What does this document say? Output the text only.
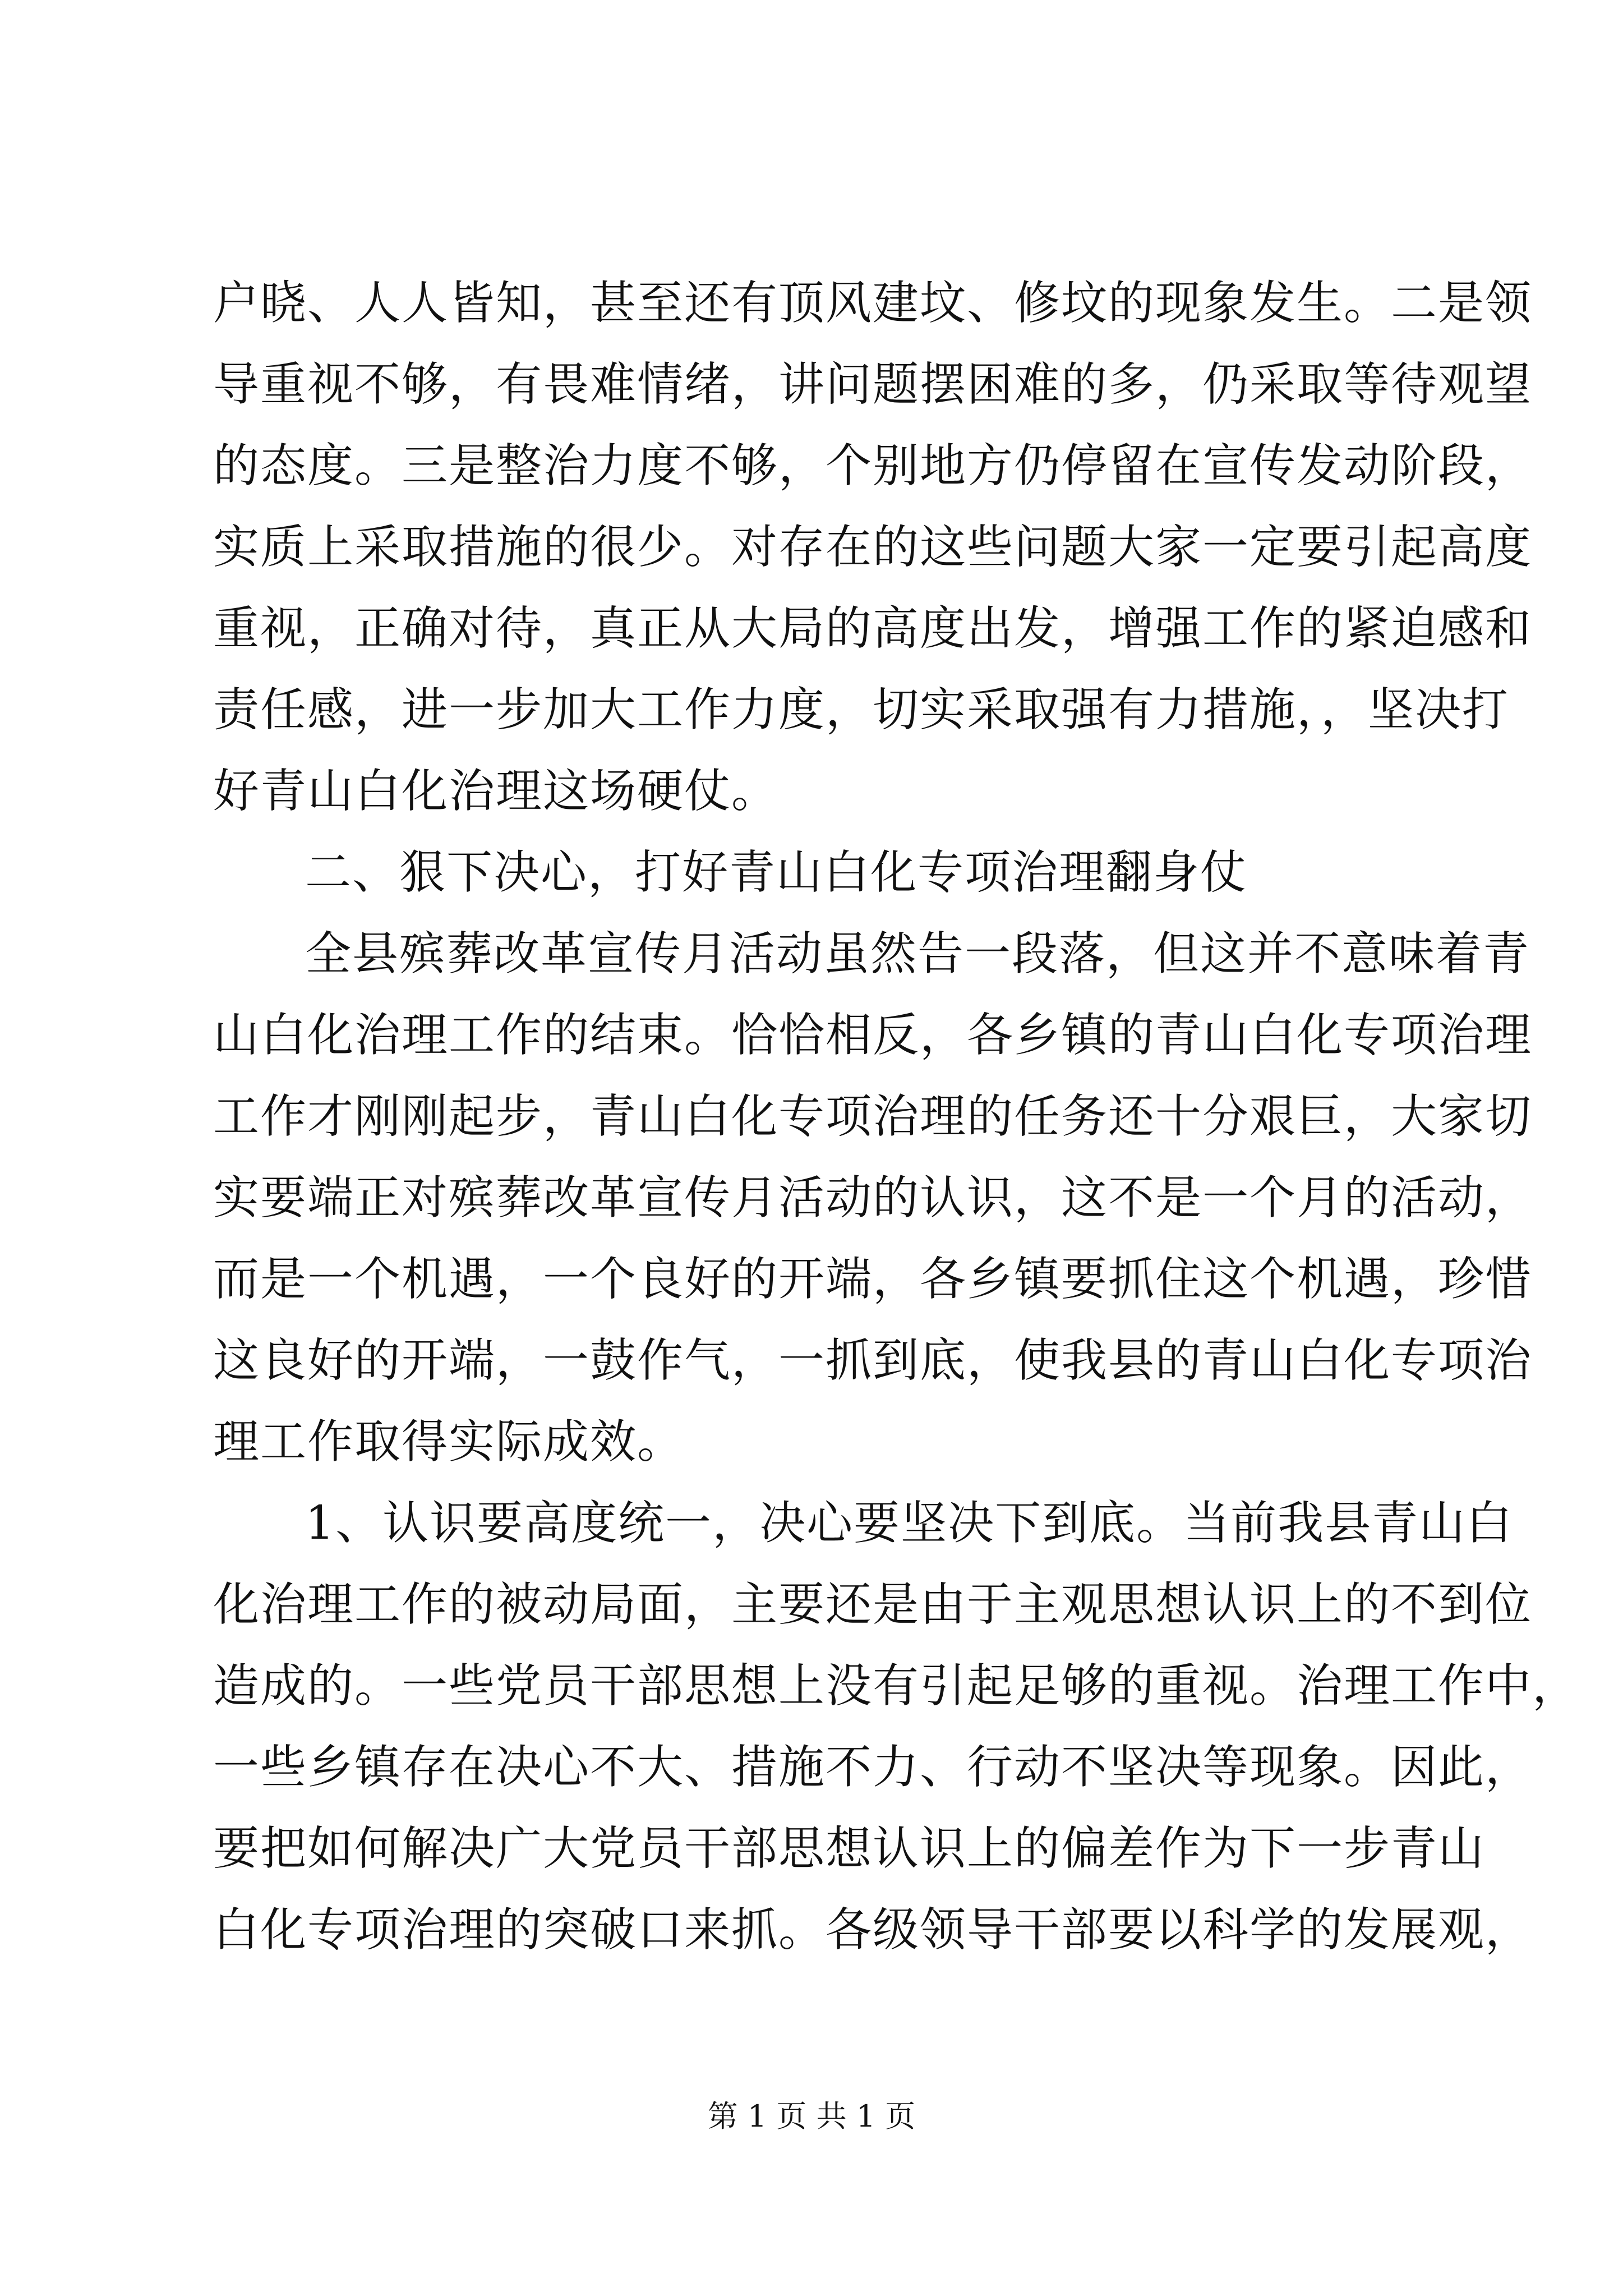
户晓、人人皆知，甚至还有顶风建坟、修坟的现象发生。二是领
导重视不够，有畏难情绪，讲问题摆困难的多，仍采取等待观望
的态度。三是整治力度不够，个别地方仍停留在宣传发动阶段，
实质上采取措施的很少。对存在的这些问题大家一定要引起高度
重视，正确对待，真正从大局的高度出发，增强工作的紧迫感和
责任感，进一步加大工作力度，切实采取强有力措施，，坚决打
好青山白化治理这场硬仗。
二、狠下决心，打好青山白化专项治理翻身仗
全县殡葬改革宣传月活动虽然告一段落，但这并不意味着青
山白化治理工作的结束。恰恰相反，各乡镇的青山白化专项治理
工作才刚刚起步，青山白化专项治理的任务还十分艰巨，大家切
实要端正对殡葬改革宣传月活动的认识，这不是一个月的活动，
而是一个机遇，一个良好的开端，各乡镇要抓住这个机遇，珍惜
这良好的开端，一鼓作气，一抓到底，使我县的青山白化专项治
理工作取得实际成效。
1、认识要高度统一，决心要坚决下到底。当前我县青山白
化治理工作的被动局面，主要还是由于主观思想认识上的不到位
造成的。一些党员干部思想上没有引起足够的重视。治理工作中，
一些乡镇存在决心不大、措施不力、行动不坚决等现象。因此，
要把如何解决广大党员干部思想认识上的偏差作为下一步青山
白化专项治理的突破口来抓。各级领导干部要以科学的发展观，
第 1 页 共 1 页
